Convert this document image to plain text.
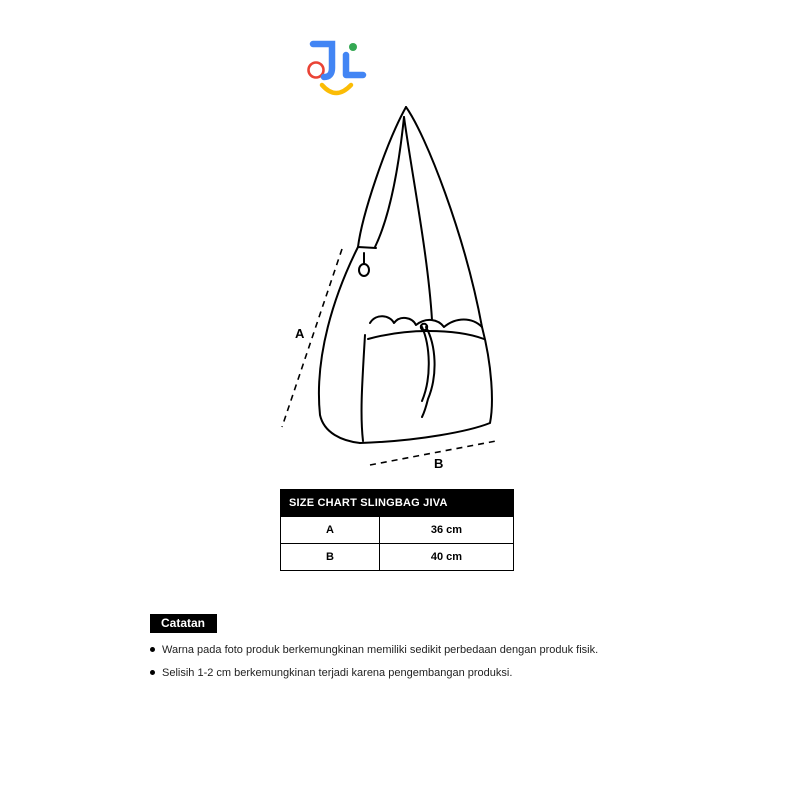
A
B
SIZE CHART SLINGBAG JIVA	
A	36 cm
B	40 cm
Catatan
Warna pada foto produk berkemungkinan memiliki sedikit perbedaan dengan produk fisik.
Selisih 1-2 cm berkemungkinan terjadi karena pengembangan produksi.
